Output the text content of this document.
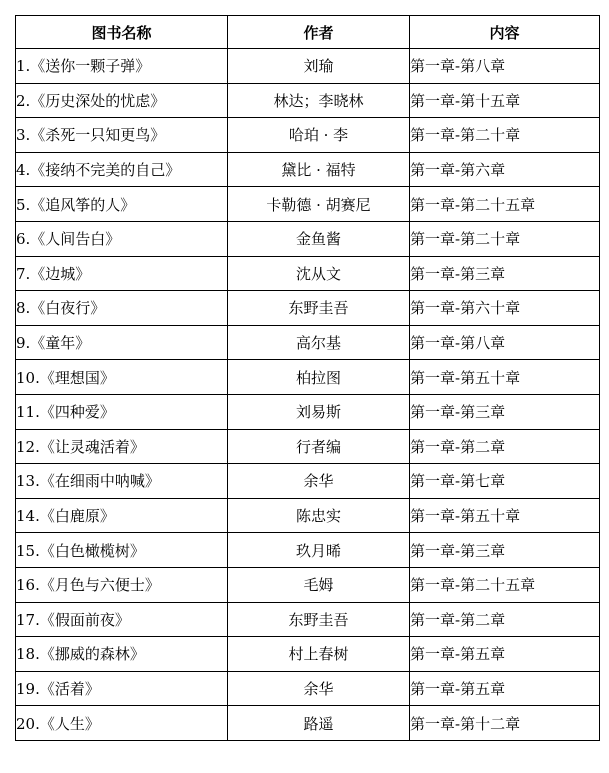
图书名称	作者	内容
1.《送你一颗子弹》	刘瑜	第一章-第八章
2.《历史深处的忧虑》	林达；李晓林	第一章-第十五章
3.《杀死一只知更鸟》	哈珀 · 李	第一章-第二十章
4.《接纳不完美的自己》	黛比 · 福特	第一章-第六章
5.《追风筝的人》	卡勒德 · 胡赛尼	第一章-第二十五章
6.《人间告白》	金鱼酱	第一章-第二十章
7.《边城》	沈从文	第一章-第三章
8.《白夜行》	东野圭吾	第一章-第六十章
9.《童年》	高尔基	第一章-第八章
10.《理想国》	柏拉图	第一章-第五十章
11.《四种爱》	刘易斯	第一章-第三章
12.《让灵魂活着》	行者编	第一章-第二章
13.《在细雨中呐喊》	余华	第一章-第七章
14.《白鹿原》	陈忠实	第一章-第五十章
15.《白色橄榄树》	玖月晞	第一章-第三章
16.《月色与六便士》	毛姆	第一章-第二十五章
17.《假面前夜》	东野圭吾	第一章-第二章
18.《挪威的森林》	村上春树	第一章-第五章
19.《活着》	余华	第一章-第五章
20.《人生》	路遥	第一章-第十二章
